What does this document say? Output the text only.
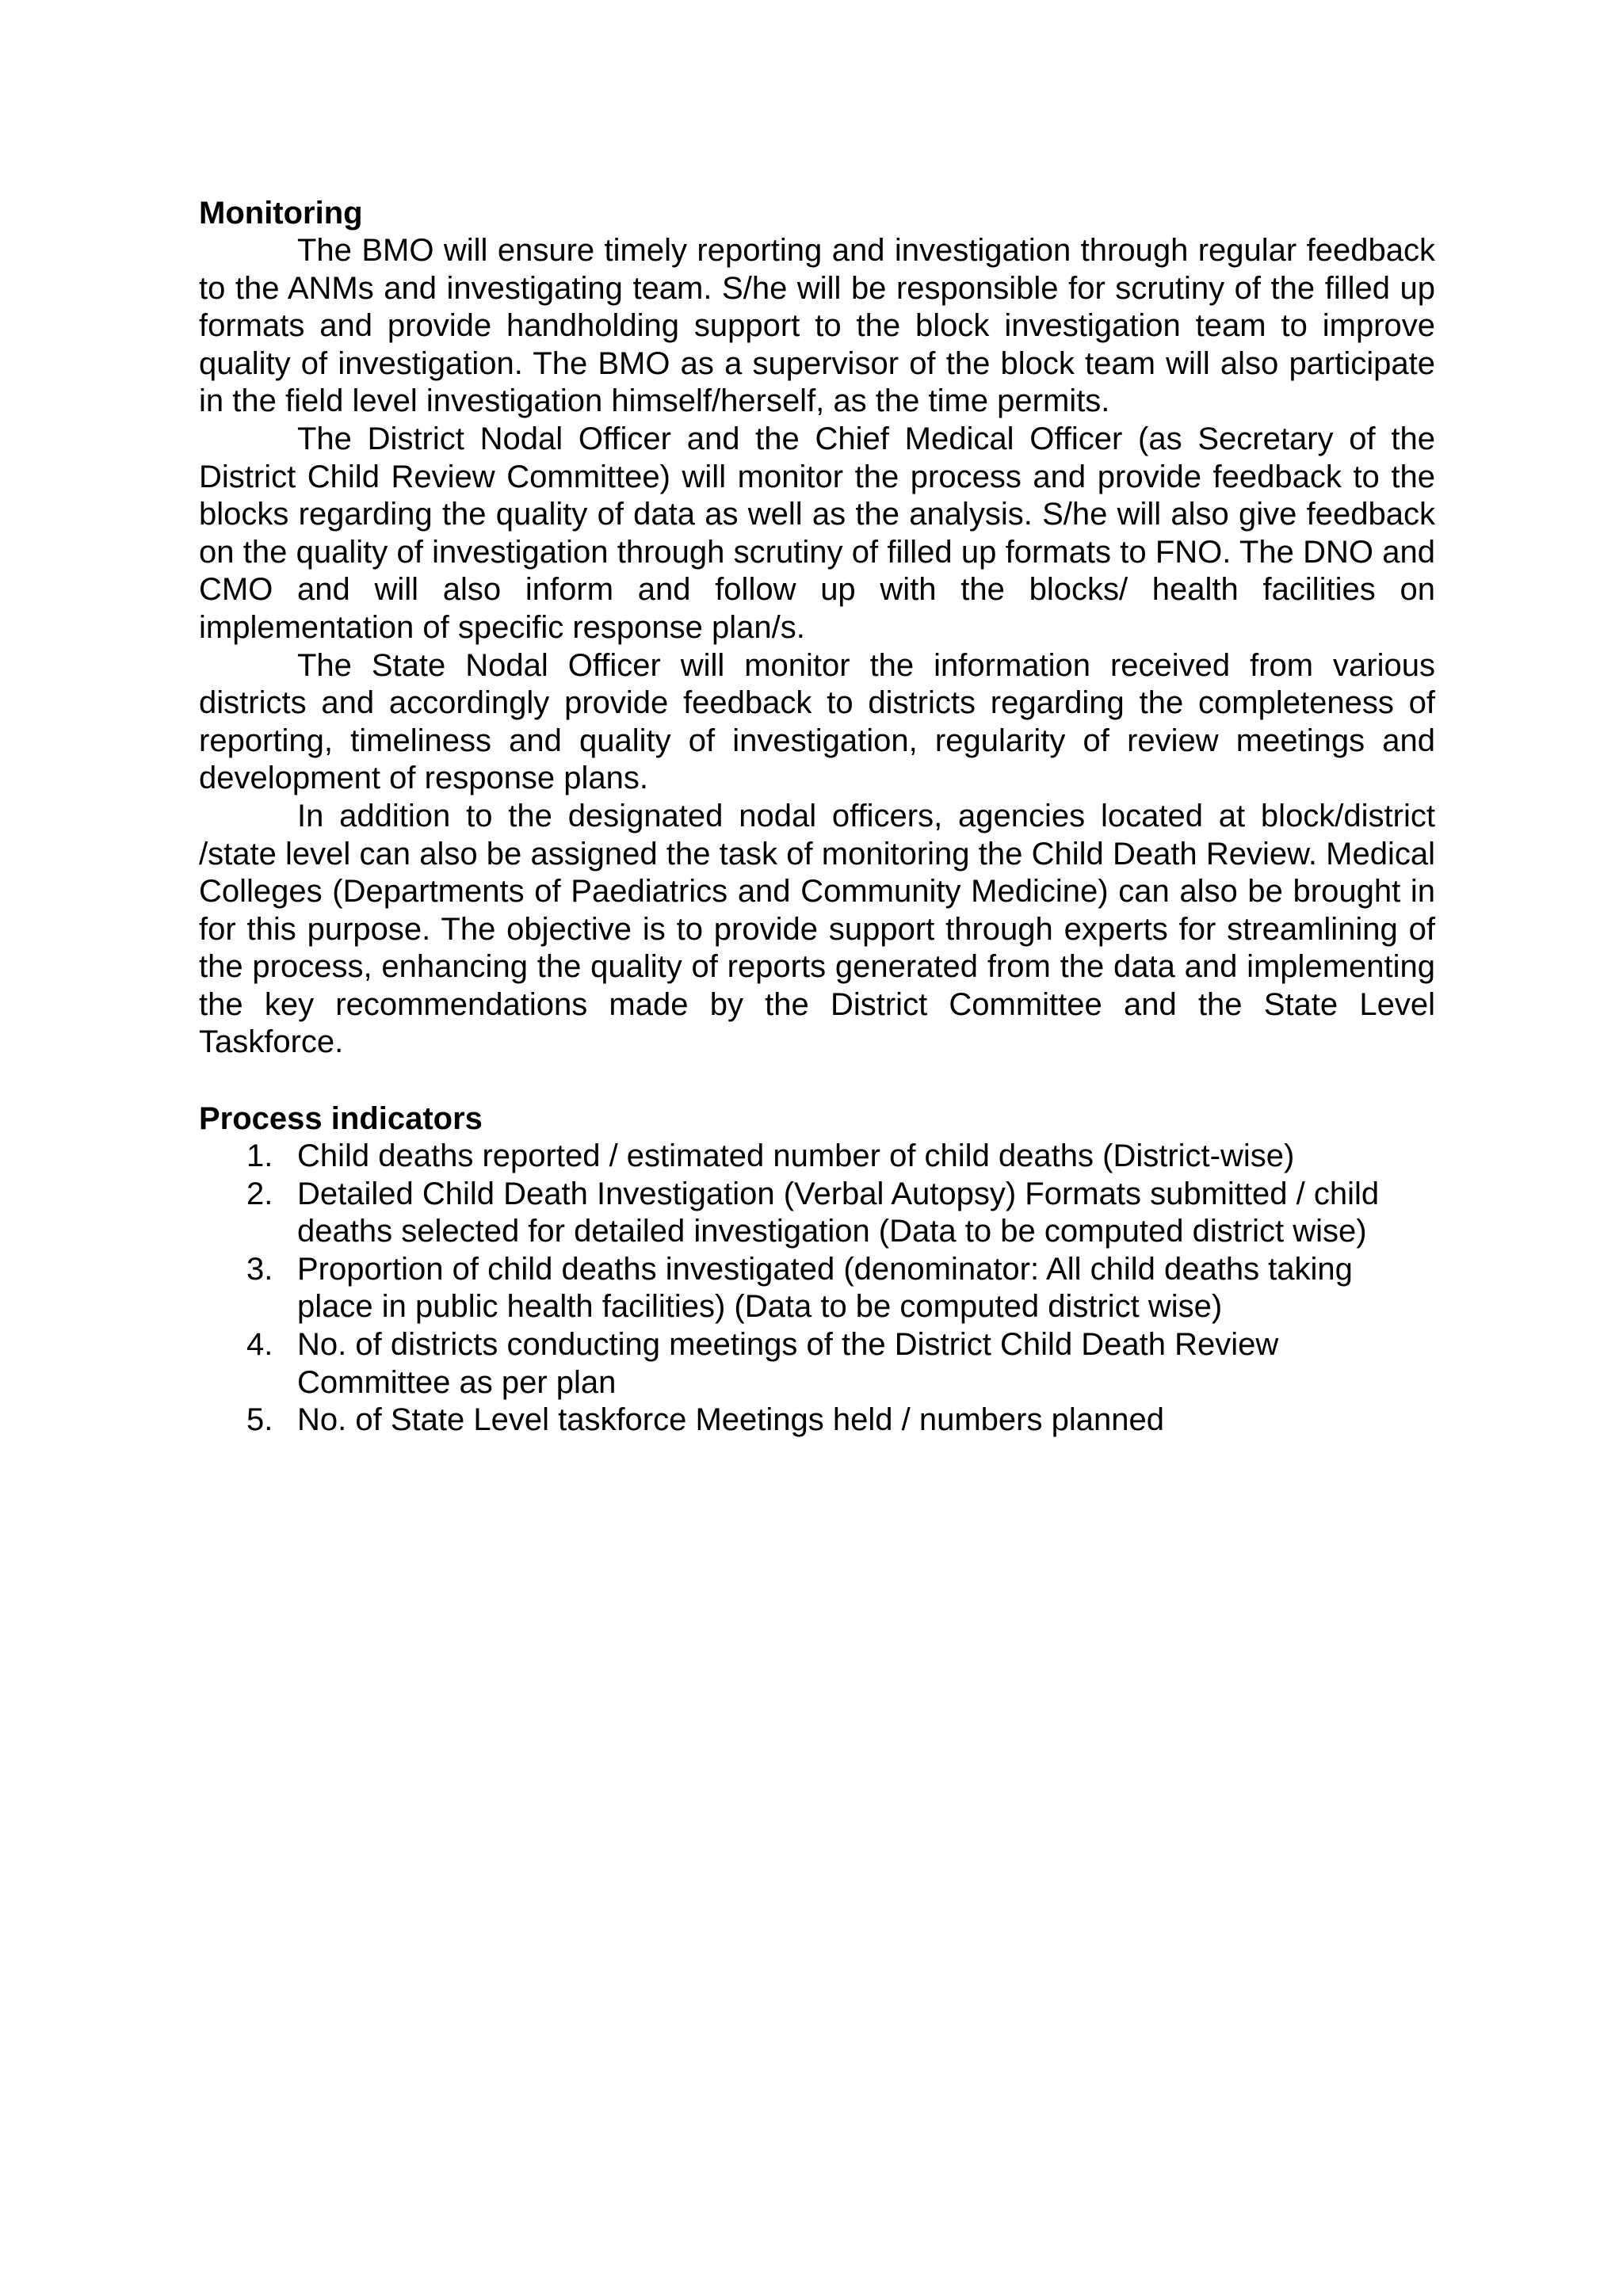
Monitoring

The BMO will ensure timely reporting and investigation through regular feedback to the ANMs and investigating team. S/he will be responsible for scrutiny of the filled up formats and provide handholding support to the block investigation team to improve quality of investigation. The BMO as a supervisor of the block team will also participate in the field level investigation himself/herself, as the time permits.

The District Nodal Officer and the Chief Medical Officer (as Secretary of the District Child Review Committee) will monitor the process and provide feedback to the blocks regarding the quality of data as well as the analysis. S/he will also give feedback on the quality of investigation through scrutiny of filled up formats to FNO. The DNO and CMO and will also inform and follow up with the blocks/ health facilities on implementation of specific response plan/s.

The State Nodal Officer will monitor the information received from various districts and accordingly provide feedback to districts regarding the completeness of reporting, timeliness and quality of investigation, regularity of review meetings and development of response plans.

In addition to the designated nodal officers, agencies located at block/district /state level can also be assigned the task of monitoring the Child Death Review. Medical Colleges (Departments of Paediatrics and Community Medicine) can also be brought in for this purpose. The objective is to provide support through experts for streamlining of the process, enhancing the quality of reports generated from the data and implementing the key recommendations made by the District Committee and the State Level Taskforce.

Process indicators
1. Child deaths reported / estimated number of child deaths (District-wise)
2. Detailed Child Death Investigation (Verbal Autopsy) Formats submitted / child deaths selected for detailed investigation (Data to be computed district wise)
3. Proportion of child deaths investigated (denominator: All child deaths taking place in public health facilities) (Data to be computed district wise)
4. No. of districts conducting meetings of the District Child Death Review Committee as per plan
5. No. of State Level taskforce Meetings held / numbers planned
